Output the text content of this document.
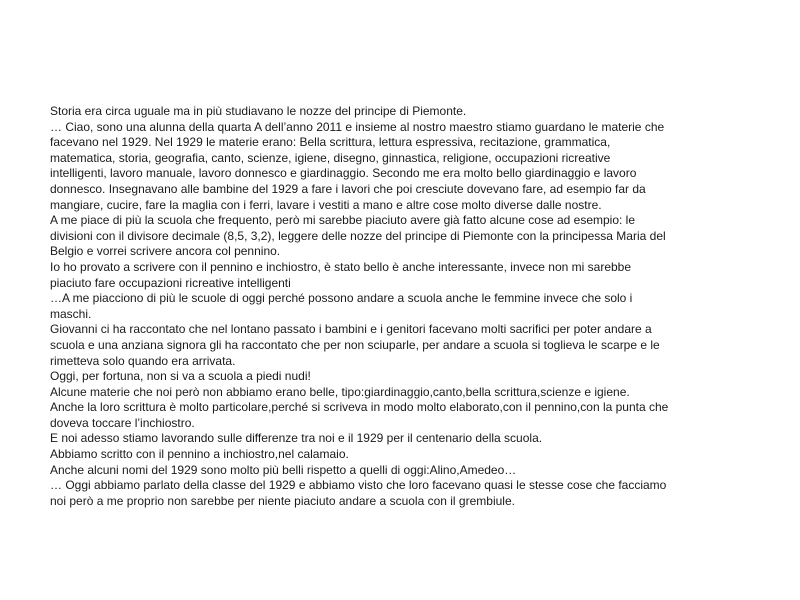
Storia era circa uguale ma in più studiavano le nozze del principe di Piemonte.
… Ciao, sono una alunna della quarta A dell’anno 2011 e insieme al nostro maestro stiamo guardano le materie che
facevano nel 1929. Nel 1929 le materie erano: Bella scrittura, lettura espressiva, recitazione, grammatica,
matematica, storia, geografia, canto, scienze, igiene, disegno, ginnastica, religione, occupazioni ricreative
intelligenti, lavoro manuale, lavoro donnesco e giardinaggio. Secondo me era molto bello giardinaggio e lavoro
donnesco. Insegnavano alle bambine del 1929 a fare i lavori che poi cresciute dovevano fare, ad esempio far da
mangiare, cucire, fare la maglia con i ferri, lavare i vestiti a mano e altre cose molto diverse dalle nostre.
A me piace di più la scuola che frequento, però mi sarebbe piaciuto avere già fatto alcune cose ad esempio: le
divisioni con il divisore decimale (8,5, 3,2), leggere delle nozze del principe di Piemonte con la principessa Maria del
Belgio e vorrei scrivere ancora col pennino.
Io ho provato a scrivere con il pennino e inchiostro, è stato bello è anche interessante, invece non mi sarebbe
piaciuto fare occupazioni ricreative intelligenti
…A me piacciono di più le scuole di oggi perché possono andare a scuola anche le femmine invece che solo i
maschi.
Giovanni ci ha raccontato che nel lontano passato i bambini e i genitori facevano molti sacrifici per poter andare a
scuola e una anziana signora gli ha raccontato che per non sciuparle, per andare a scuola si toglieva le scarpe e le
rimetteva solo quando era arrivata.
Oggi, per fortuna, non si va a scuola a piedi nudi!
Alcune materie che noi però non abbiamo erano belle, tipo:giardinaggio,canto,bella scrittura,scienze e igiene.
Anche la loro scrittura è molto particolare,perché si scriveva in modo molto elaborato,con il pennino,con la punta che
doveva toccare l’inchiostro.
E noi adesso stiamo lavorando sulle differenze tra noi e il 1929 per il centenario della scuola.
Abbiamo scritto con il pennino a inchiostro,nel calamaio.
Anche alcuni nomi del 1929 sono molto più belli rispetto a quelli di oggi:Alino,Amedeo…
… Oggi abbiamo parlato della classe del 1929 e abbiamo visto che loro facevano quasi le stesse cose che facciamo
noi però a me proprio non sarebbe per niente piaciuto andare a scuola con il grembiule.
